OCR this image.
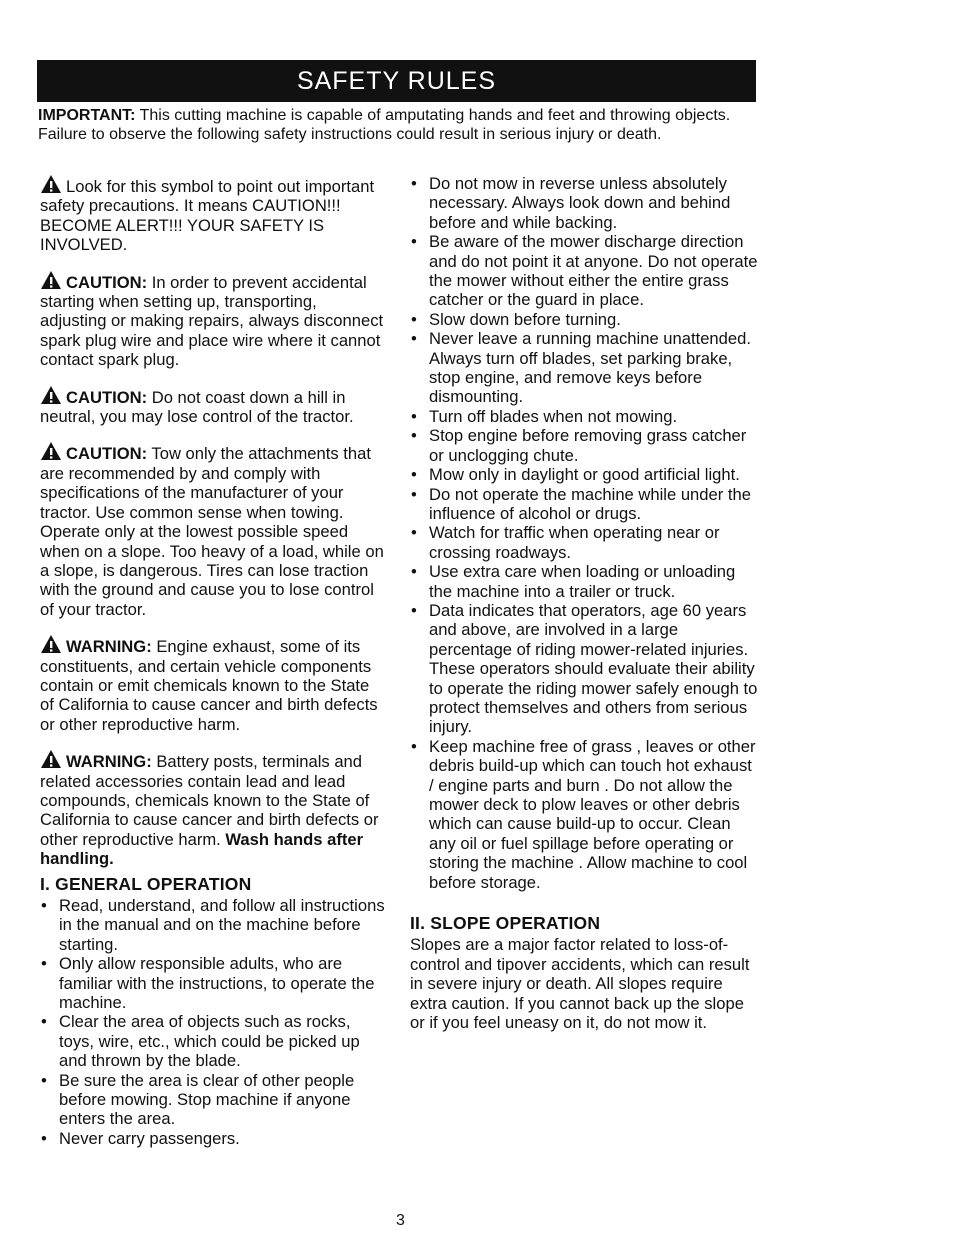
SAFETY RULES
IMPORTANT: This cutting machine is capable of amputating hands and feet and throwing objects. Failure to observe the following safety instructions could result in serious injury or death.
Look for this symbol to point out important safety precautions. It means CAUTION!!! BECOME ALERT!!! YOUR SAFETY IS INVOLVED.
CAUTION: In order to prevent accidental starting when setting up, transporting, adjusting or making repairs, always disconnect spark plug wire and place wire where it cannot contact spark plug.
CAUTION: Do not coast down a hill in neutral, you may lose control of the tractor.
CAUTION: Tow only the attachments that are recommended by and comply with specifications of the manufacturer of your tractor. Use common sense when towing. Operate only at the lowest possible speed when on a slope. Too heavy of a load, while on a slope, is dangerous. Tires can lose traction with the ground and cause you to lose control of your tractor.
WARNING: Engine exhaust, some of its constituents, and certain vehicle components contain or emit chemicals known to the State of California to cause cancer and birth defects or other reproductive harm.
WARNING: Battery posts, terminals and related accessories contain lead and lead compounds, chemicals known to the State of California to cause cancer and birth defects or other reproductive harm. Wash hands after handling.
I. GENERAL OPERATION
• Read, understand, and follow all instructions in the manual and on the machine before starting.
• Only allow responsible adults, who are familiar with the instructions, to operate the machine.
• Clear the area of objects such as rocks, toys, wire, etc., which could be picked up and thrown by the blade.
• Be sure the area is clear of other people before mowing. Stop machine if anyone enters the area.
• Never carry passengers.
• Do not mow in reverse unless absolutely necessary. Always look down and behind before and while backing.
• Be aware of the mower discharge direction and do not point it at anyone. Do not operate the mower without either the entire grass catcher or the guard in place.
• Slow down before turning.
• Never leave a running machine unattended. Always turn off blades, set parking brake, stop engine, and remove keys before dismounting.
• Turn off blades when not mowing.
• Stop engine before removing grass catcher or unclogging chute.
• Mow only in daylight or good artificial light.
• Do not operate the machine while under the influence of alcohol or drugs.
• Watch for traffic when operating near or crossing roadways.
• Use extra care when loading or unloading the machine into a trailer or truck.
• Data indicates that operators, age 60 years and above, are involved in a large percentage of riding mower-related injuries. These operators should evaluate their ability to operate the riding mower safely enough to protect themselves and others from serious injury.
• Keep machine free of grass , leaves or other debris build-up which can touch hot exhaust / engine parts and burn . Do not allow the mower deck to plow leaves or other debris which can cause build-up to occur. Clean any oil or fuel spillage before operating or storing the machine . Allow machine to cool before storage.
II. SLOPE OPERATION
Slopes are a major factor related to loss-of-control and tipover accidents, which can result in severe injury or death. All slopes require extra caution. If you cannot back up the slope or if you feel uneasy on it, do not mow it.
3
